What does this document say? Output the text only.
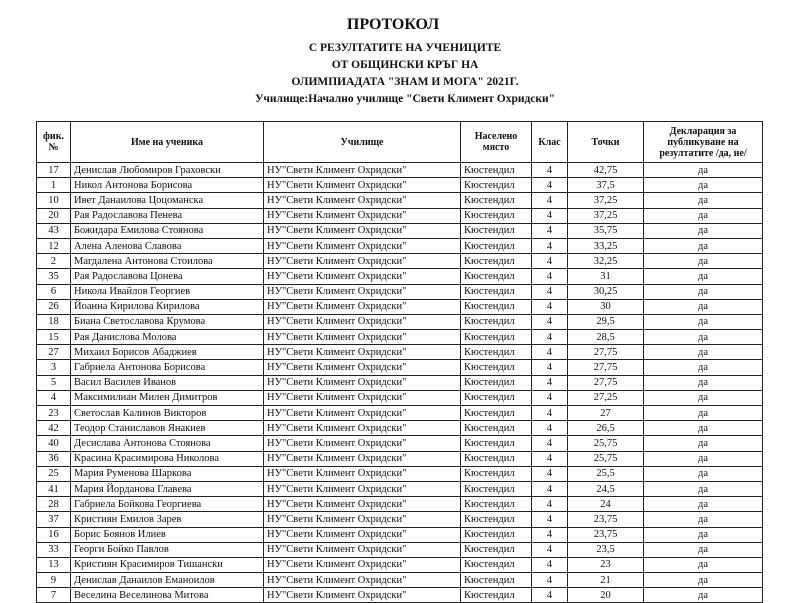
ПРОТОКОЛ
С РЕЗУЛТАТИТЕ НА УЧЕНИЦИТЕ
ОТ ОБЩИНСКИ КРЪГ НА
ОЛИМПИАДАТА "ЗНАМ И МОГА" 2021Г.
Училище:Начално училище "Свети Климент Охридски"
фик. №	Име на ученика	Училище	Населено място	Клас	Точки	Декларация за публикуване на резултатите /да, не/
17	Денислав Любомиров Граховски	НУ"Свети Климент Охридски"	Кюстендил	4	42,75	да
1	Никол Антонова Борисова	НУ"Свети Климент Охридски"	Кюстендил	4	37,5	да
10	Ивет Данаилова Цоцоманска	НУ"Свети Климент Охридски"	Кюстендил	4	37,25	да
20	Рая Радославова Пенева	НУ"Свети Климент Охридски"	Кюстендил	4	37,25	да
43	Божидара Емилова Стоянова	НУ"Свети Климент Охридски"	Кюстендил	4	35,75	да
12	Алена Аленова Славова	НУ"Свети Климент Охридски"	Кюстендил	4	33,25	да
2	Магдалена Антонова Стоилова	НУ"Свети Климент Охридски"	Кюстендил	4	32,25	да
35	Рая Радославова Цонева	НУ"Свети Климент Охридски"	Кюстендил	4	31	да
6	Никола Ивайлов Георгиев	НУ"Свети Климент Охридски"	Кюстендил	4	30,25	да
26	Йоанна Кирилова Кирилова	НУ"Свети Климент Охридски"	Кюстендил	4	30	да
18	Биана Светославова Крумова	НУ"Свети Климент Охридски"	Кюстендил	4	29,5	да
15	Рая Данислова Молова	НУ"Свети Климент Охридски"	Кюстендил	4	28,5	да
27	Михаил Борисов Абаджиев	НУ"Свети Климент Охридски"	Кюстендил	4	27,75	да
3	Габриела Антонова Борисова	НУ"Свети Климент Охридски"	Кюстендил	4	27,75	да
5	Васил Василев Иванов	НУ"Свети Климент Охридски"	Кюстендил	4	27,75	да
4	Максимилиан Милен Димитров	НУ"Свети Климент Охридски"	Кюстендил	4	27,25	да
23	Светослав Калинов Викторов	НУ"Свети Климент Охридски"	Кюстендил	4	27	да
42	Теодор Станиславов Янакиев	НУ"Свети Климент Охридски"	Кюстендил	4	26,5	да
40	Десислава Антонова Стоянова	НУ"Свети Климент Охридски"	Кюстендил	4	25,75	да
36	Красина Красимирова Николова	НУ"Свети Климент Охридски"	Кюстендил	4	25,75	да
25	Мария Руменова Шаркова	НУ"Свети Климент Охридски"	Кюстендил	4	25,5	да
41	Мария Йорданова Главева	НУ"Свети Климент Охридски"	Кюстендил	4	24,5	да
28	Габриела Бойкова Георгиева	НУ"Свети Климент Охридски"	Кюстендил	4	24	да
37	Кристиян Емилов Зарев	НУ"Свети Климент Охридски"	Кюстендил	4	23,75	да
16	Борис Боянов Илиев	НУ"Свети Климент Охридски"	Кюстендил	4	23,75	да
33	Георги Бойко Павлов	НУ"Свети Климент Охридски"	Кюстендил	4	23,5	да
13	Кристиян Красимиров Тишански	НУ"Свети Климент Охридски"	Кюстендил	4	23	да
9	Денислав Данаилов Еманоилов	НУ"Свети Климент Охридски"	Кюстендил	4	21	да
7	Веселина Веселинова Митова	НУ"Свети Климент Охридски"	Кюстендил	4	20	да
